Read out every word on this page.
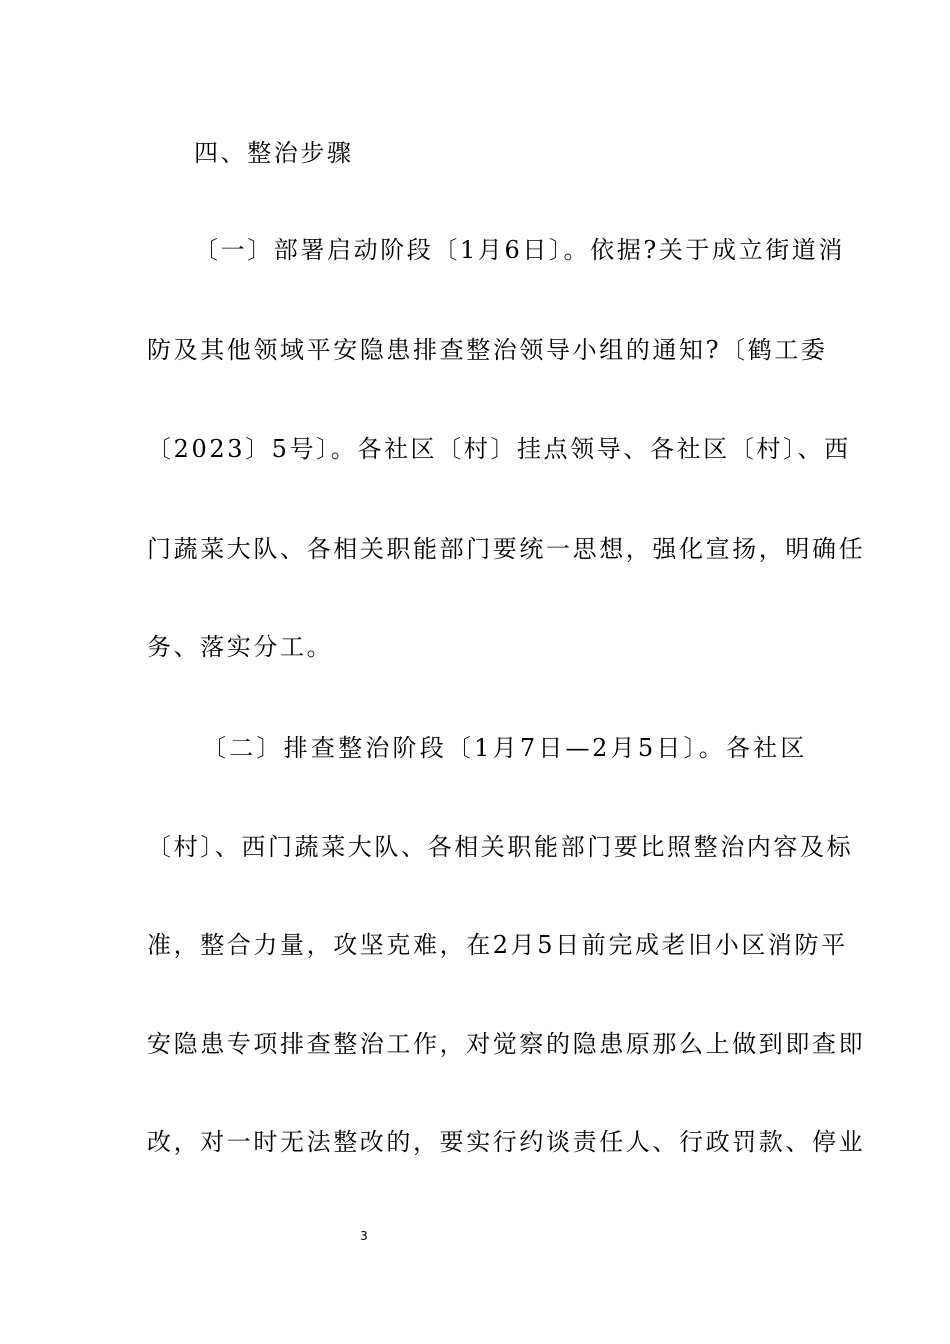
四、整治步骤
〔一〕部署启动阶段〔1月6日〕。依据?关于成立街道消
防及其他领域平安隐患排查整治领导小组的通知?〔鹤工委
〔2023〕5号〕。各社区〔村〕挂点领导、各社区〔村〕、西
门蔬菜大队、各相关职能部门要统一思想，强化宣扬，明确任
务、落实分工。
〔二〕排查整治阶段〔1月7日—2月5日〕。各社区
〔村〕、西门蔬菜大队、各相关职能部门要比照整治内容及标
准，整合力量，攻坚克难，在2月5日前完成老旧小区消防平
安隐患专项排查整治工作，对觉察的隐患原那么上做到即查即
改，对一时无法整改的，要实行约谈责任人、行政罚款、停业
3
